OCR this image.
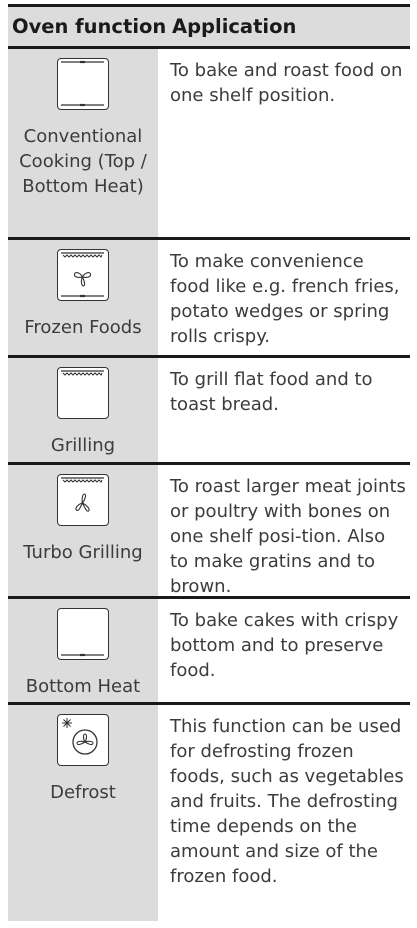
Oven function Application
Conventional Cooking (Top / Bottom Heat)
To bake and roast food on one shelf position.
Frozen Foods
To make convenience food like e.g. french fries, potato wedges or spring rolls crispy.
Grilling
To grill flat food and to toast bread.
Turbo Grilling
To roast larger meat joints or poultry with bones on one shelf posi-tion. Also to make gratins and to brown.
Bottom Heat
To bake cakes with crispy bottom and to preserve food.
Defrost
This function can be used for defrosting frozen foods, such as vegetables and fruits. The defrosting time depends on the amount and size of the frozen food.
